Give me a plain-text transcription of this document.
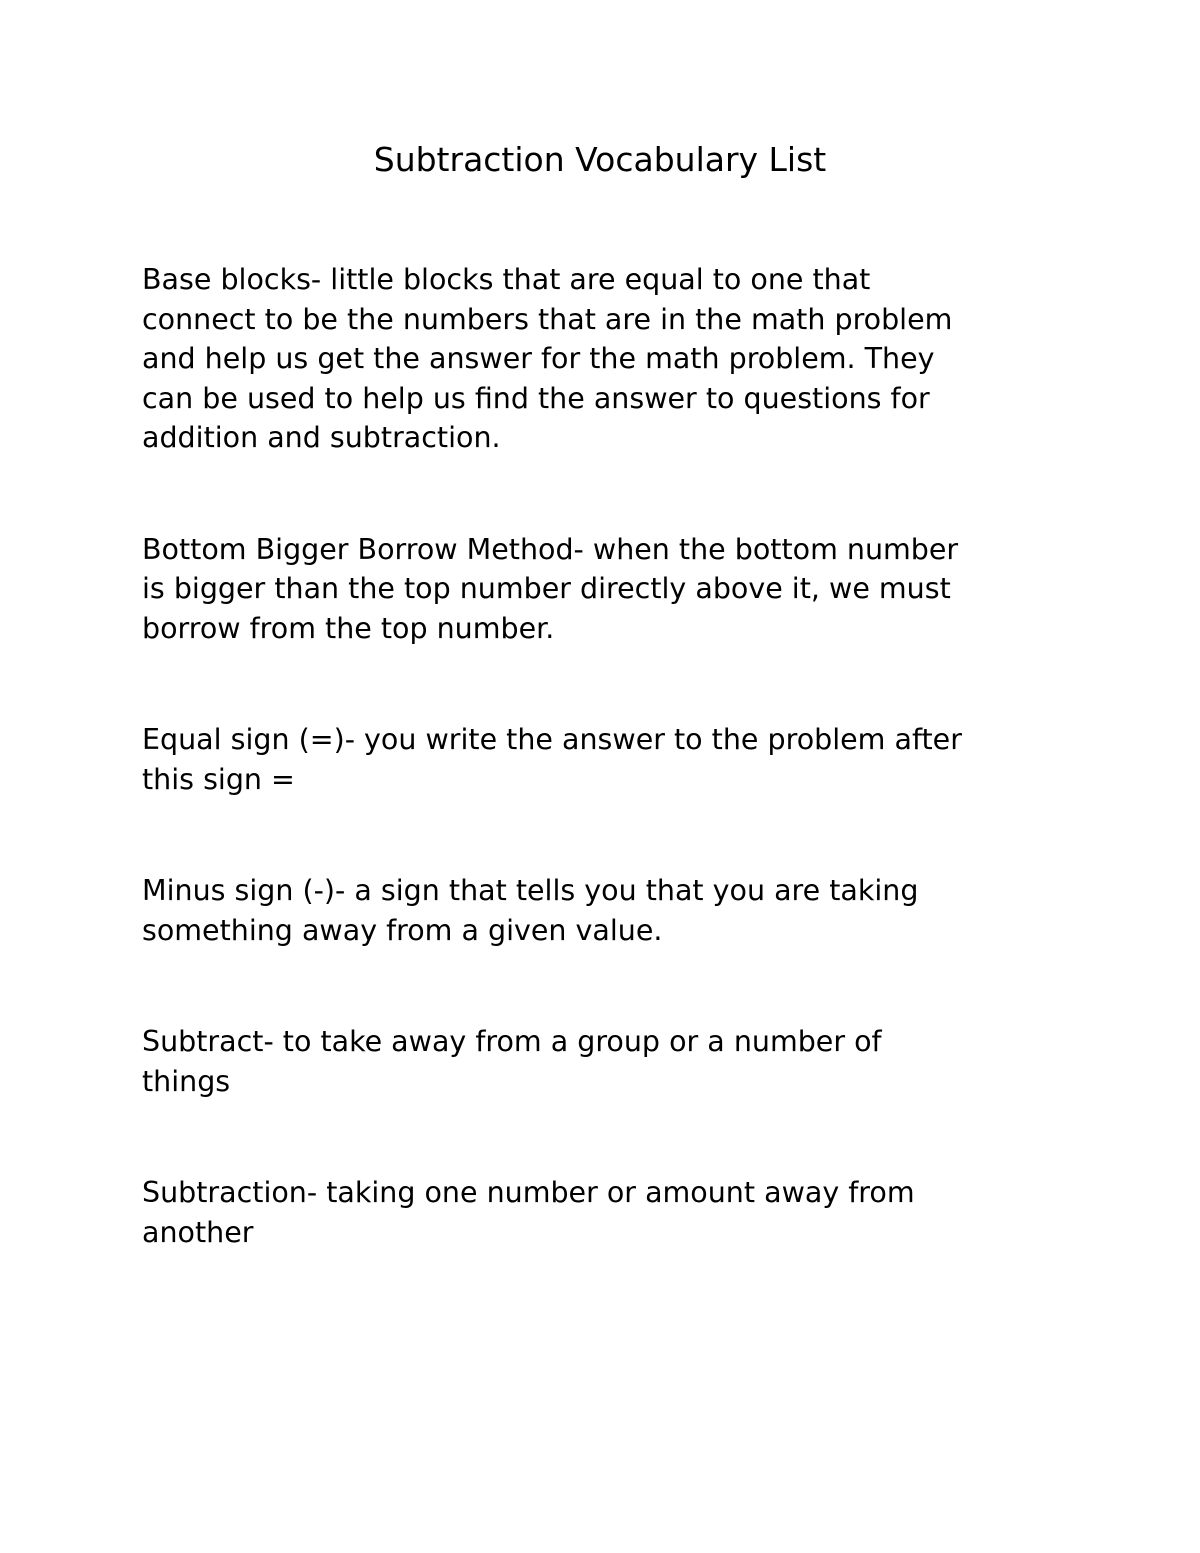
Subtraction Vocabulary List

Base blocks- little blocks that are equal to one that
connect to be the numbers that are in the math problem
and help us get the answer for the math problem. They
can be used to help us find the answer to questions for
addition and subtraction.

Bottom Bigger Borrow Method- when the bottom number
is bigger than the top number directly above it, we must
borrow from the top number.

Equal sign (=)- you write the answer to the problem after
this sign =

Minus sign (-)- a sign that tells you that you are taking
something away from a given value.

Subtract- to take away from a group or a number of
things

Subtraction- taking one number or amount away from
another
